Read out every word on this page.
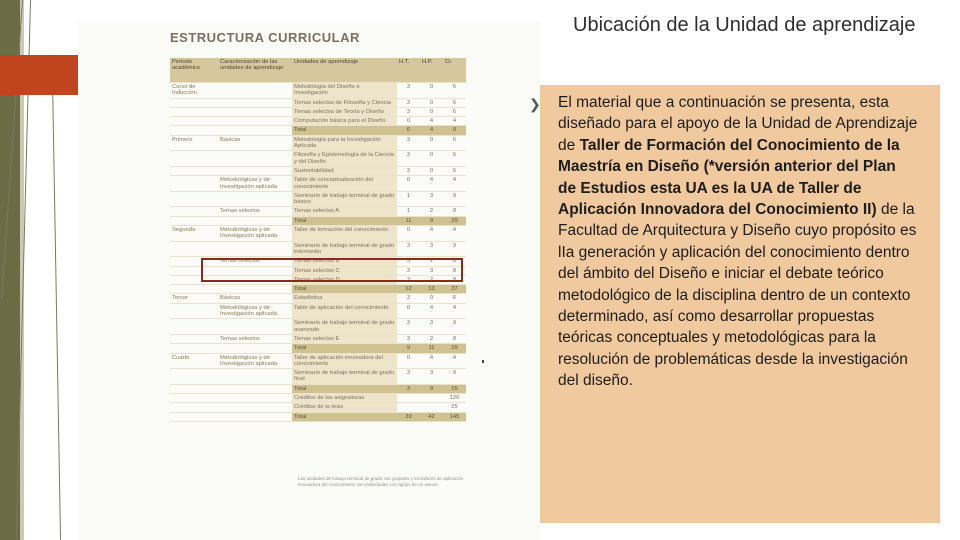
ESTRUCTURA CURRICULAR
Periodo académico	Caracterización de las unidades de aprendizaje	Unidades de aprendizaje	H.T.	H.P.	Cr.
Curso de Inducción		Metodología del Diseño e Investigación	3	0	6
		Temas selectos de Filosofía y Ciencia	3	0	6
		Temas selectos de Teoría y Diseño	3	0	6
		Computación básica para el Diseño	0	4	4
		Total	6	4	0
Primero	Básicas	Metodología para la Investigación Aplicada	3	0	6
		Filosofía y Epistemología de la Ciencia y del Diseño	3	0	6
		Sustentabilidad	3	0	6
	Metodológicas y de Investigación aplicada	Taller de conceptualización del conocimiento	0	4	4
		Seminario de trabajo terminal de grado básico	1	3	9
	Temas selectos	Temas selectos A	1	2	8
		Total	11	9	29
Segundo	Metodológicas y de Investigación aplicada	Taller de formación del conocimiento	0	4	4
		Seminario de trabajo terminal de grado intermedio	3	3	9
	Temas selectos	Temas selectos B	3	2	8
		Temas selectos C	3	3	8
		Temas selectos D	3	2	8
		Total	12	13	37
Tercer	Básicas	Estadística	3	0	6
	Metodológicas y de Investigación aplicada	Taller de aplicación del conocimiento	0	4	4
		Seminario de trabajo terminal de grado avanzado	3	3	9
	Temas selectos	Temas selectos E	3	2	8
		Total	9	11	29
Cuarto	Metodológicas y de Investigación aplicada	Taller de aplicación innovadora del conocimiento	0	4	4
		Seminario de trabajo terminal de grado final	3	3	9
		Total	3	9	15
		Créditos de las asignaturas			120
		Créditos de la tesis			25
		Total	39	42	145
Las unidades de trabajo terminal de grado son grupales y los talleres de aplicación innovadora del conocimiento son individuales con apoyo de un asesor.
Ubicación de la Unidad de aprendizaje
❯ El material que a continuación se presenta, esta diseñado para el apoyo de la Unidad de Aprendizaje de Taller de Formación del Conocimiento de la Maestría en Diseño (*versión anterior del Plan de Estudios esta UA es la UA de Taller de Aplicación Innovadora del Conocimiento II) de la Facultad de Arquitectura y Diseño cuyo propósito es lIa generación y aplicación del conocimiento dentro del ámbito del Diseño e iniciar el debate teórico metodológico de la disciplina dentro de un contexto determinado, así como desarrollar propuestas teóricas conceptuales y metodológicas para la resolución de problemáticas desde la investigación del diseño.
